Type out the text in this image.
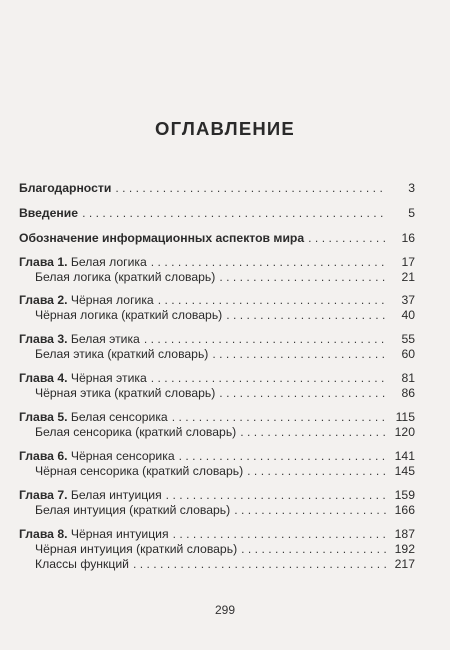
ОГЛАВЛЕНИЕ
Благодарности . . .	3
Введение . . .	5
Обозначение информационных аспектов мира . . .	16
Глава 1. Белая логика . . .	17
Белая логика (краткий словарь) . . .	21
Глава 2. Чёрная логика . . .	37
Чёрная логика (краткий словарь) . . .	40
Глава 3. Белая этика . . .	55
Белая этика (краткий словарь) . . .	60
Глава 4. Чёрная этика . . .	81
Чёрная этика (краткий словарь) . . .	86
Глава 5. Белая сенсорика . . .	115
Белая сенсорика (краткий словарь) . . .	120
Глава 6. Чёрная сенсорика . . .	141
Чёрная сенсорика (краткий словарь) . . .	145
Глава 7. Белая интуиция . . .	159
Белая интуиция (краткий словарь) . . .	166
Глава 8. Чёрная интуиция . . .	187
Чёрная интуиция (краткий словарь) . . .	192
Классы функций . . .	217
299
